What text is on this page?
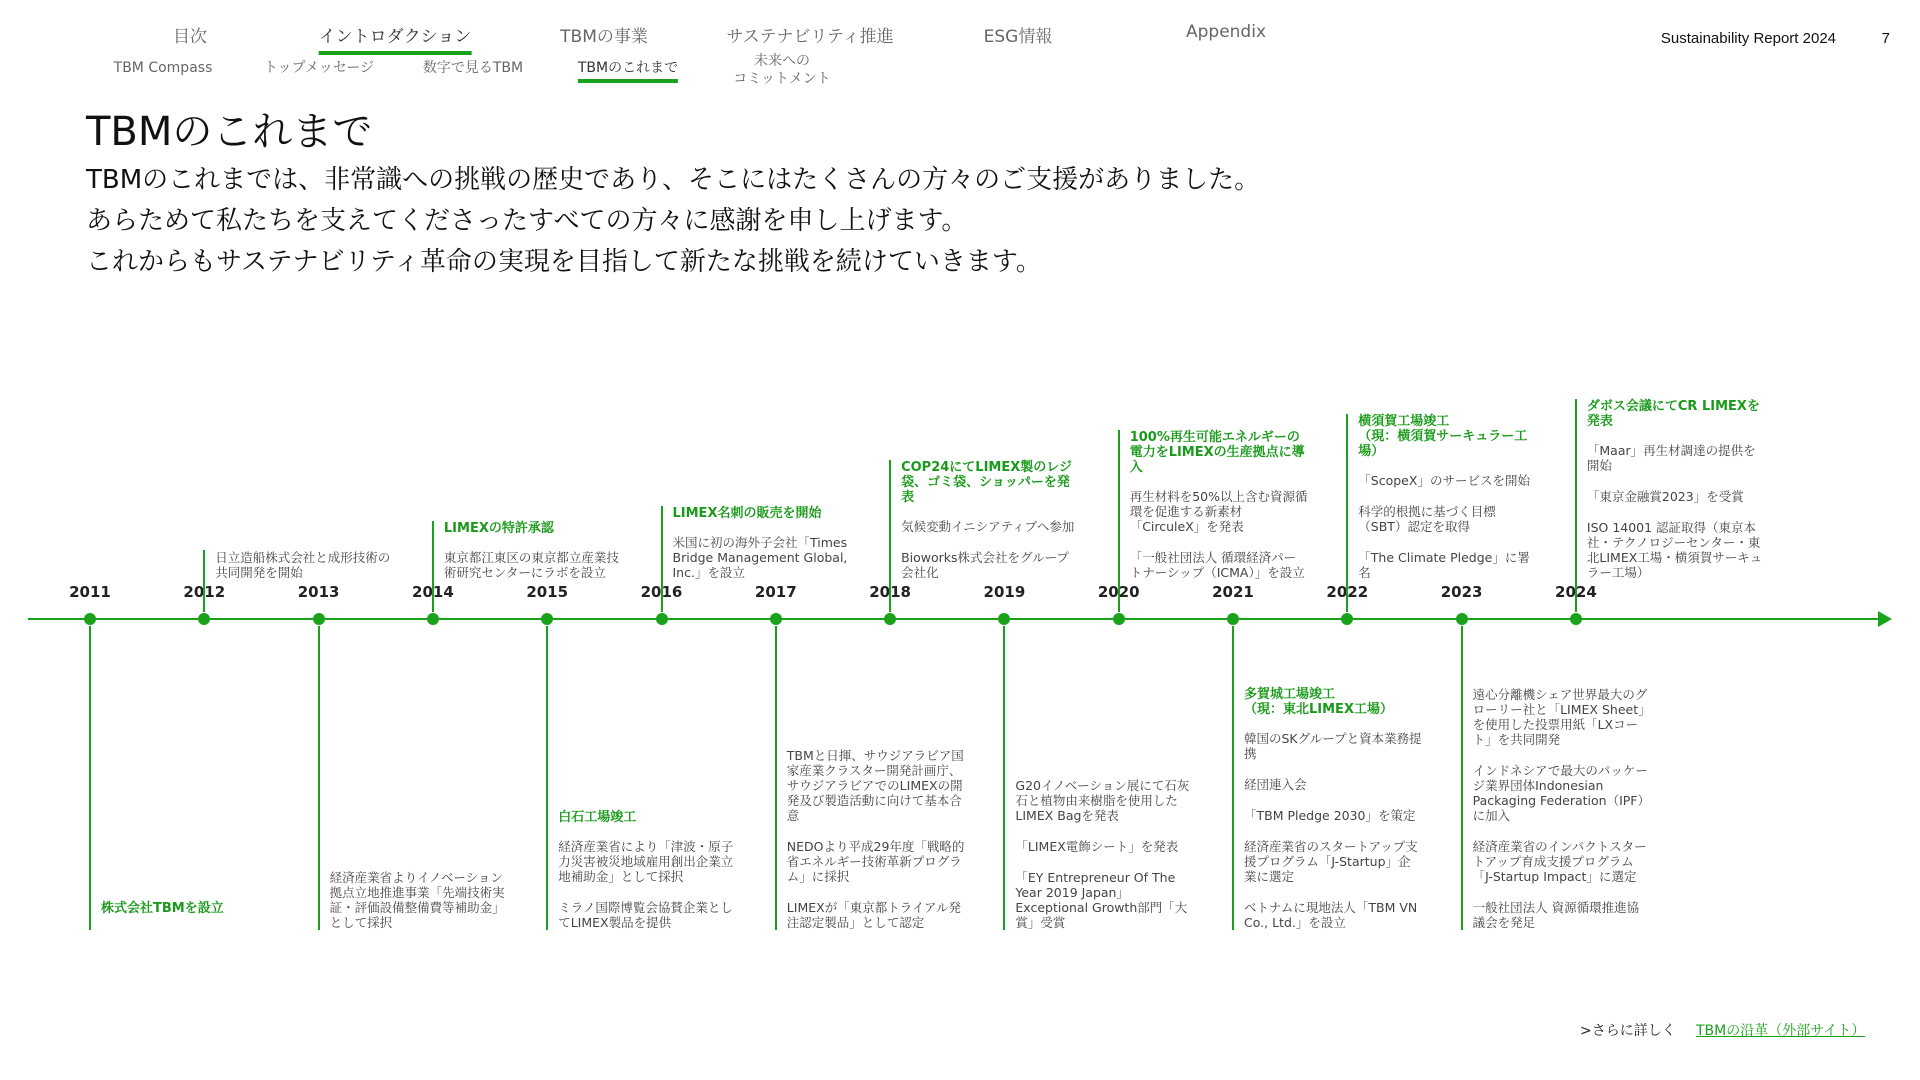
目次	イントロダクション	TBMの事業	サステナビリティ推進	ESG情報	Appendix
TBM Compass	トップメッセージ	数字で見るTBM	TBMのこれまで	未来への
コミットメント
Sustainability Report 2024	7
TBMのこれまで
TBMのこれまでは、非常識への挑戦の歴史であり、そこにはたくさんの方々のご支援がありました。
あらためて私たちを支えてくださったすべての方々に感謝を申し上げます。
これからもサステナビリティ革命の実現を目指して新たな挑戦を続けていきます。
2011	2012	2013	2014	2015	2016	2017	2018	2019	2020	2021	2022	2023	2024
日立造船株式会社と成形技術の共同開発を開始
LIMEXの特許承認
東京都江東区の東京都立産業技術研究センターにラボを設立
LIMEX名刺の販売を開始
米国に初の海外子会社「Times Bridge Management Global, Inc.」を設立
COP24にてLIMEX製のレジ袋、ゴミ袋、ショッパーを発表
気候変動イニシアティブへ参加
Bioworks株式会社をグループ会社化
100%再生可能エネルギーの電力をLIMEXの生産拠点に導入
再生材料を50%以上含む資源循環を促進する新素材「CirculeX」を発表
「一般社団法人 循環経済パートナーシップ（ICMA）」を設立
横須賀工場竣工
（現：横須賀サーキュラー工場）
「ScopeX」のサービスを開始
科学的根拠に基づく目標（SBT）認定を取得
「The Climate Pledge」に署名
ダボス会議にてCR LIMEXを発表
「Maar」再生材調達の提供を開始
「東京金融賞2023」を受賞
ISO 14001 認証取得（東京本社・テクノロジーセンター・東北LIMEX工場・横須賀サーキュラー工場）
株式会社TBMを設立
経済産業省よりイノベーション拠点立地推進事業「先端技術実証・評価設備整備費等補助金」として採択
白石工場竣工
経済産業省により「津波・原子力災害被災地域雇用創出企業立地補助金」として採択
ミラノ国際博覧会協賛企業としてLIMEX製品を提供
TBMと日揮、サウジアラビア国家産業クラスター開発計画庁、サウジアラビアでのLIMEXの開発及び製造活動に向けて基本合意
NEDOより平成29年度「戦略的省エネルギー技術革新プログラム」に採択
LIMEXが「東京都トライアル発注認定製品」として認定
G20イノベーション展にて石灰石と植物由来樹脂を使用したLIMEX Bagを発表
「LIMEX電飾シート」を発表
「EY Entrepreneur Of The Year 2019 Japan」Exceptional Growth部門「大賞」受賞
多賀城工場竣工
（現：東北LIMEX工場）
韓国のSKグループと資本業務提携
経団連入会
「TBM Pledge 2030」を策定
経済産業省のスタートアップ支援プログラム「J-Startup」企業に選定
ベトナムに現地法人「TBM VN Co., Ltd.」を設立
遠心分離機シェア世界最大のグローリー社と「LIMEX Sheet」を使用した投票用紙「LXコート」を共同開発
インドネシアで最大のパッケージ業界団体Indonesian Packaging Federation（IPF）に加入
経済産業省のインパクトスタートアップ育成支援プログラム「J-Startup Impact」に選定
一般社団法人 資源循環推進協議会を発足
>さらに詳しく TBMの沿革（外部サイト）
